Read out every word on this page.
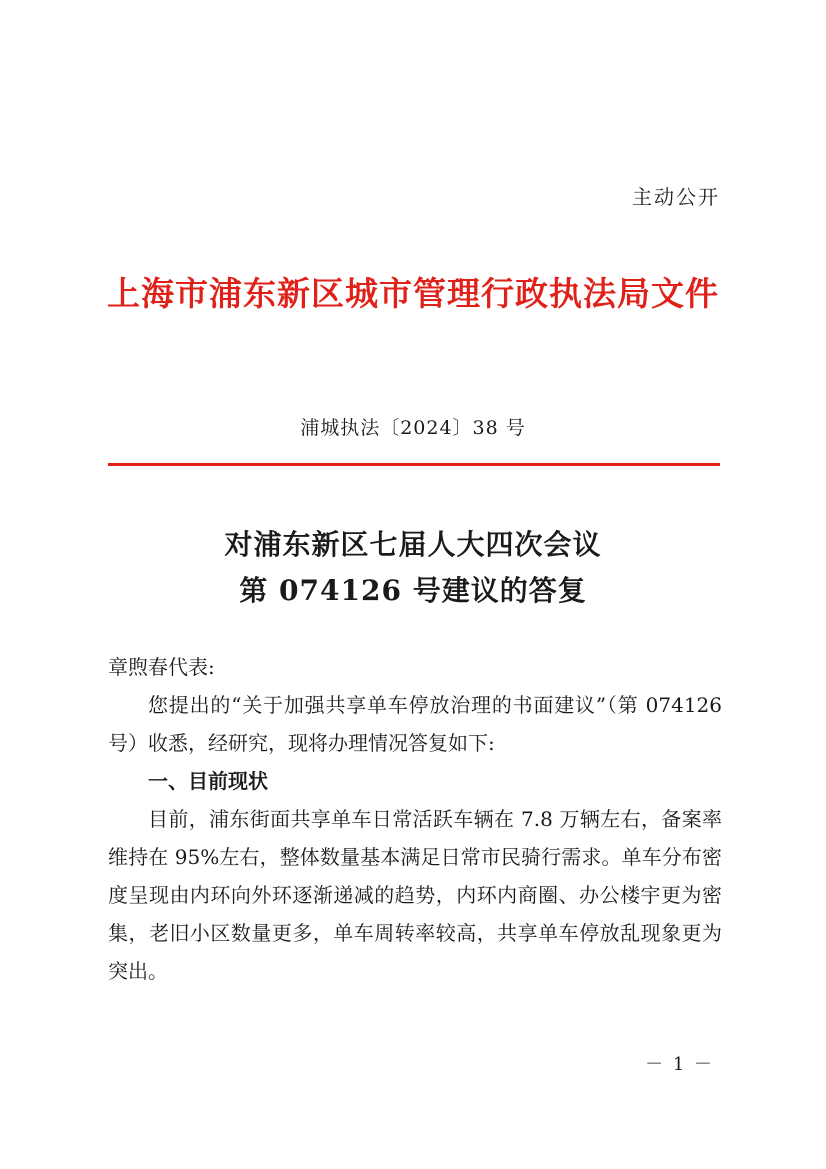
主动公开
上海市浦东新区城市管理行政执法局文件
浦城执法〔2024〕38 号
对浦东新区七届人大四次会议
第 074126 号建议的答复

章煦春代表:

您提出的“关于加强共享单车停放治理的书面建议”（第 074126 号）收悉，经研究，现将办理情况答复如下:

一、目前现状

目前，浦东街面共享单车日常活跃车辆在 7.8 万辆左右，备案率维持在 95%左右，整体数量基本满足日常市民骑行需求。单车分布密度呈现由内环向外环逐渐递减的趋势，内环内商圈、办公楼宇更为密集，老旧小区数量更多，单车周转率较高，共享单车停放乱现象更为突出。

－ 1 －
